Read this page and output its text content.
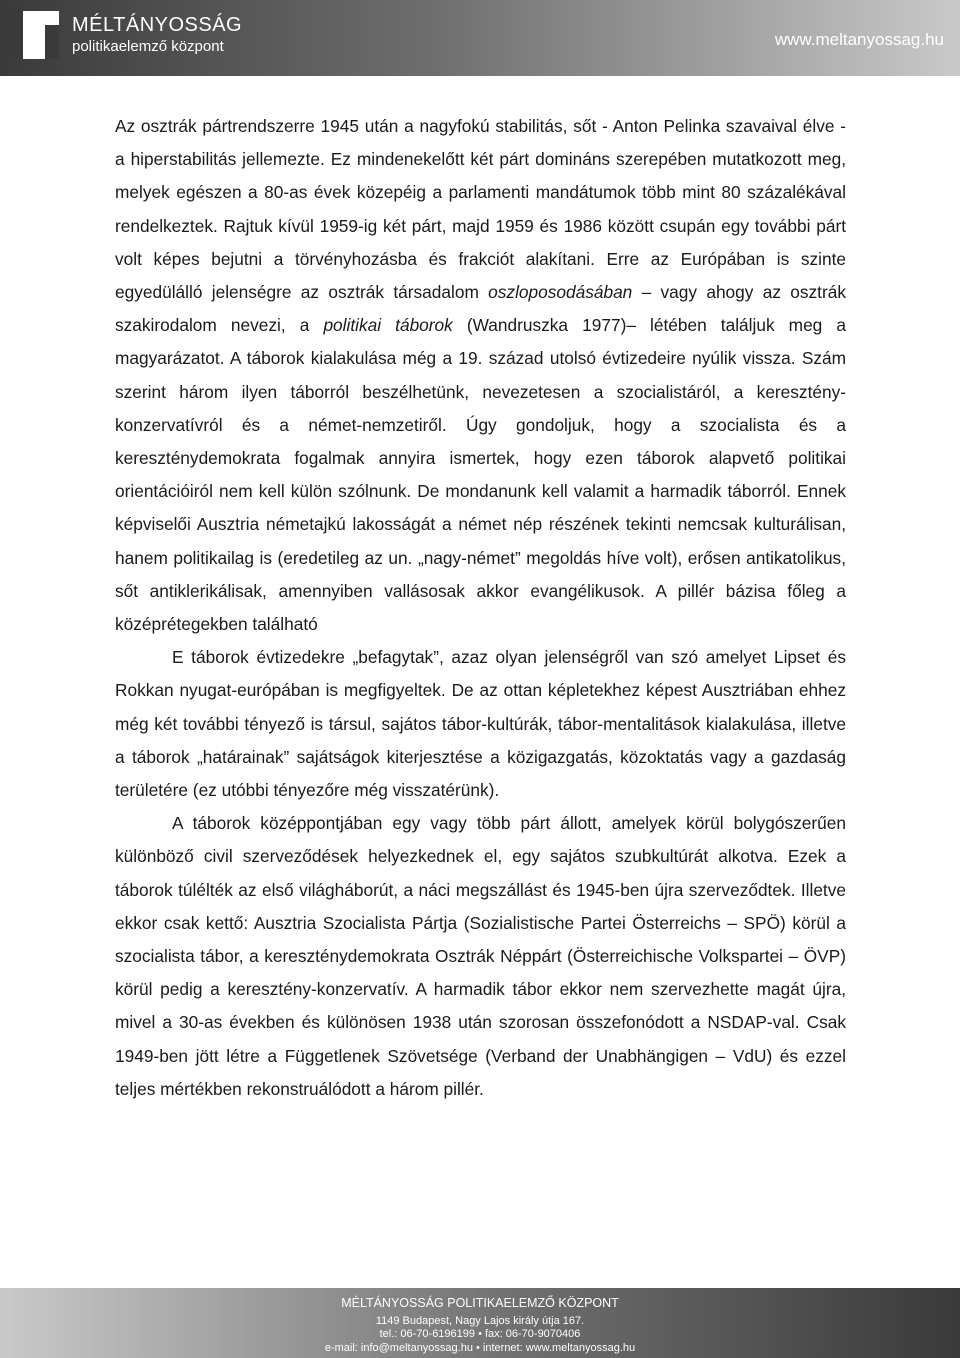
MÉLTÁNYOSSÁG
politikaelemző központ	www.meltanyossag.hu

Az osztrák pártrendszerre 1945 után a nagyfokú stabilitás, sőt - Anton Pelinka szavaival élve - a hiperstabilitás jellemezte. Ez mindenekelőtt két párt domináns szerepében mutatkozott meg, melyek egészen a 80-as évek közepéig a parlamenti mandátumok több mint 80 százalékával rendelkeztek. Rajtuk kívül 1959-ig két párt, majd 1959 és 1986 között csupán egy további párt volt képes bejutni a törvényhozásba és frakciót alakítani. Erre az Európában is szinte egyedülálló jelenségre az osztrák társadalom oszloposodásában – vagy ahogy az osztrák szakirodalom nevezi, a politikai táborok (Wandruszka 1977)– létében találjuk meg a magyarázatot. A táborok kialakulása még a 19. század utolsó évtizedeire nyúlik vissza. Szám szerint három ilyen táborról beszélhetünk, nevezetesen a szocialistáról, a keresztény-konzervatívról és a német-nemzetiről. Úgy gondoljuk, hogy a szocialista és a kereszténydemokrata fogalmak annyira ismertek, hogy ezen táborok alapvető politikai orientációiról nem kell külön szólnunk. De mondanunk kell valamit a harmadik táborról. Ennek képviselői Ausztria németajkú lakosságát a német nép részének tekinti nemcsak kulturálisan, hanem politikailag is (eredetileg az un. „nagy-német” megoldás híve volt), erősen antikatolikus, sőt antiklerikálisak, amennyiben vallásosak akkor evangélikusok. A pillér bázisa főleg a középrétegekben található

E táborok évtizedekre „befagytak”, azaz olyan jelenségről van szó amelyet Lipset és Rokkan nyugat-európában is megfigyeltek. De az ottan képletekhez képest Ausztriában ehhez még két további tényező is társul, sajátos tábor-kultúrák, tábor-mentalitások kialakulása, illetve a táborok „határainak” sajátságok kiterjesztése a közigazgatás, közoktatás vagy a gazdaság területére (ez utóbbi tényezőre még visszatérünk).

A táborok középpontjában egy vagy több párt állott, amelyek körül bolygószerűen különböző civil szerveződések helyezkednek el, egy sajátos szubkultúrát alkotva. Ezek a táborok túlélték az első világháborút, a náci megszállást és 1945-ben újra szerveződtek. Illetve ekkor csak kettő: Ausztria Szocialista Pártja (Sozialistische Partei Österreichs – SPÖ) körül a szocialista tábor, a kereszténydemokrata Osztrák Néppárt (Österreichische Volkspartei – ÖVP) körül pedig a keresztény-konzervatív. A harmadik tábor ekkor nem szervezhette magát újra, mivel a 30-as években és különösen 1938 után szorosan összefonódott a NSDAP-val. Csak 1949-ben jött létre a Függetlenek Szövetsége (Verband der Unabhängigen – VdU) és ezzel teljes mértékben rekonstruálódott a három pillér.

MÉLTÁNYOSSÁG POLITIKAELEMZŐ KÖZPONT
1149 Budapest, Nagy Lajos király útja 167.
tel.: 06-70-6196199 • fax: 06-70-9070406
e-mail: info@meltanyossag.hu • internet: www.meltanyossag.hu
